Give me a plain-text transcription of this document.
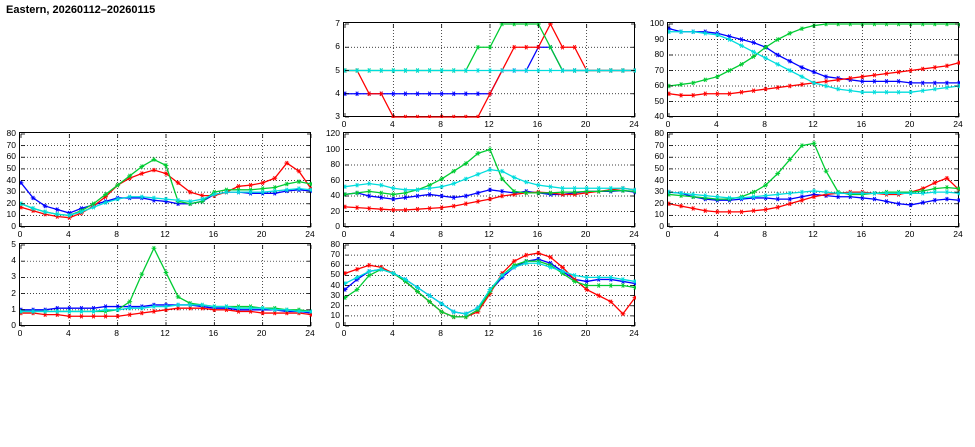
Eastern, 20260112–20260115
3
4
5
6
7
0	4	8	12	16	20	24
40
50
60
70
80
90
100
0	4	8	12	16	20	24
0
10
20
30
40
50
60
70
80
0	4	8	12	16	20	24
0
20
40
60
80
100
120
0	4	8	12	16	20	24
0
10
20
30
40
50
60
70
80
0	4	8	12	16	20	24
0
1
2
3
4
5
0	4	8	12	16	20	24
0
10
20
30
40
50
60
70
80
0	4	8	12	16	20	24
